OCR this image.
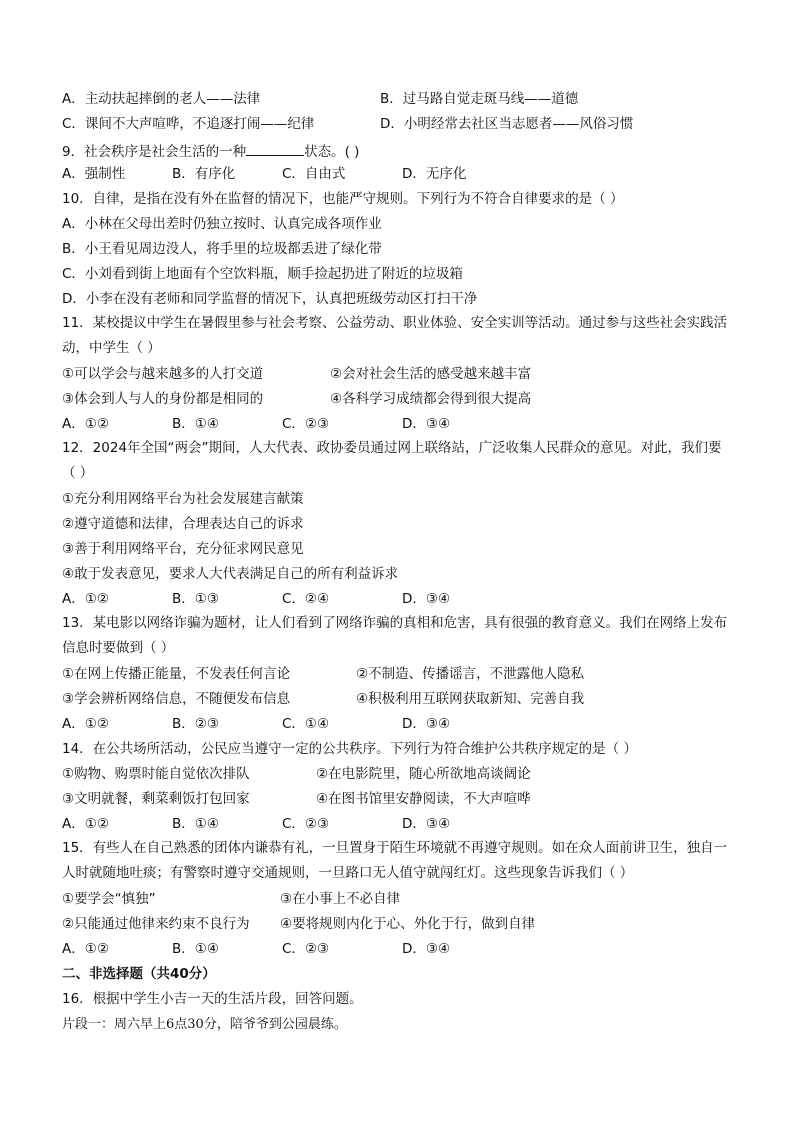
A．主动扶起摔倒的老人——法律	B．过马路自觉走斑马线——道德
C．课间不大声喧哗，不追逐打闹——纪律	D．小明经常去社区当志愿者——风俗习惯
9．社会秩序是社会生活的一种	状态。( )
A．强制性	B．有序化	C．自由式	D．无序化
10．自律，是指在没有外在监督的情况下，也能严守规则。下列行为不符合自律要求的是（ ）
A．小林在父母出差时仍独立按时、认真完成各项作业
B．小王看见周边没人，将手里的垃圾都丢进了绿化带
C．小刘看到街上地面有个空饮料瓶，顺手捡起扔进了附近的垃圾箱
D．小李在没有老师和同学监督的情况下，认真把班级劳动区打扫干净
11．某校提议中学生在暑假里参与社会考察、公益劳动、职业体验、安全实训等活动。通过参与这些社会实践活动，中学生（ ）
①可以学会与越来越多的人打交道	②会对社会生活的感受越来越丰富
③体会到人与人的身份都是相同的	④各科学习成绩都会得到很大提高
A．①②	B．①④	C．②③	D．③④
12．2024年全国“两会”期间，人大代表、政协委员通过网上联络站，广泛收集人民群众的意见。对此，我们要（ ）
①充分利用网络平台为社会发展建言献策
②遵守道德和法律，合理表达自己的诉求
③善于利用网络平台，充分征求网民意见
④敢于发表意见，要求人大代表满足自己的所有利益诉求
A．①②	B．①③	C．②④	D．③④
13．某电影以网络诈骗为题材，让人们看到了网络诈骗的真相和危害，具有很强的教育意义。我们在网络上发布信息时要做到（ ）
①在网上传播正能量，不发表任何言论	②不制造、传播谣言，不泄露他人隐私
③学会辨析网络信息，不随便发布信息	④积极利用互联网获取新知、完善自我
A．①②	B．②③	C．①④	D．③④
14．在公共场所活动，公民应当遵守一定的公共秩序。下列行为符合维护公共秩序规定的是（ ）
①购物、购票时能自觉依次排队	②在电影院里，随心所欲地高谈阔论
③文明就餐，剩菜剩饭打包回家	④在图书馆里安静阅读，不大声喧哗
A．①②	B．①④	C．②③	D．③④
15．有些人在自己熟悉的团体内谦恭有礼，一旦置身于陌生环境就不再遵守规则。如在众人面前讲卫生，独自一人时就随地吐痰；有警察时遵守交通规则，一旦路口无人值守就闯红灯。这些现象告诉我们（ ）
①要学会“慎独”	③在小事上不必自律
②只能通过他律来约束不良行为 ④要将规则内化于心、外化于行，做到自律
A．①②	B．①④	C．②③	D．③④
二、非选择题（共40分）
16．根据中学生小吉一天的生活片段，回答问题。
片段一：周六早上6点30分，陪爷爷到公园晨练。
